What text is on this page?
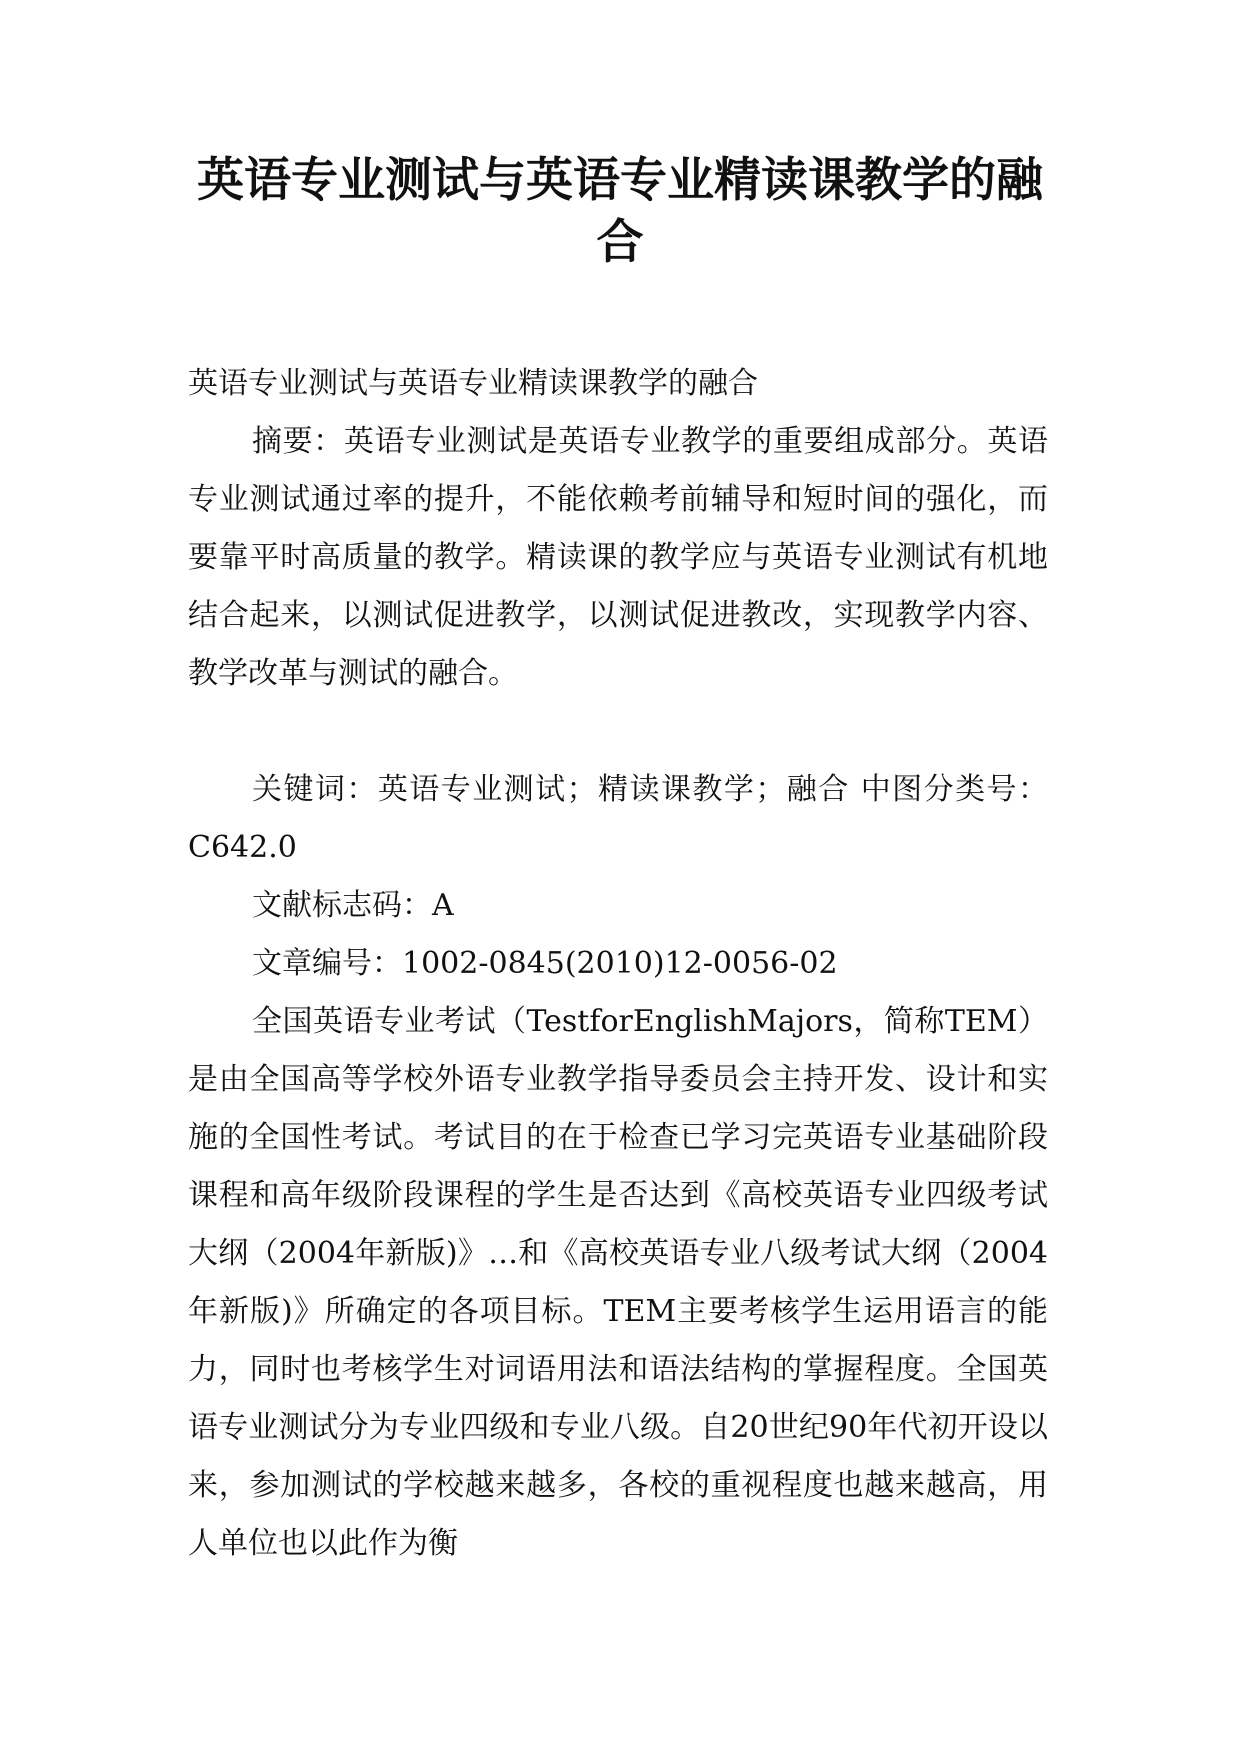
英语专业测试与英语专业精读课教学的融合

英语专业测试与英语专业精读课教学的融合

摘要：英语专业测试是英语专业教学的重要组成部分。英语专业测试通过率的提升，不能依赖考前辅导和短时间的强化，而要靠平时高质量的教学。精读课的教学应与英语专业测试有机地结合起来，以测试促进教学，以测试促进教改，实现教学内容、教学改革与测试的融合。

关键词：英语专业测试；精读课教学；融合 中图分类号：C642.0

文献标志码：A

文章编号：1002-0845(2010)12-0056-02

全国英语专业考试（TestforEnglishMajors，简称TEM）是由全国高等学校外语专业教学指导委员会主持开发、设计和实施的全国性考试。考试目的在于检查已学习完英语专业基础阶段课程和高年级阶段课程的学生是否达到《高校英语专业四级考试大纲（2004年新版)》…和《高校英语专业八级考试大纲（2004年新版)》所确定的各项目标。TEM主要考核学生运用语言的能力，同时也考核学生对词语用法和语法结构的掌握程度。全国英语专业测试分为专业四级和专业八级。自20世纪90年代初开设以来，参加测试的学校越来越多，各校的重视程度也越来越高，用人单位也以此作为衡
